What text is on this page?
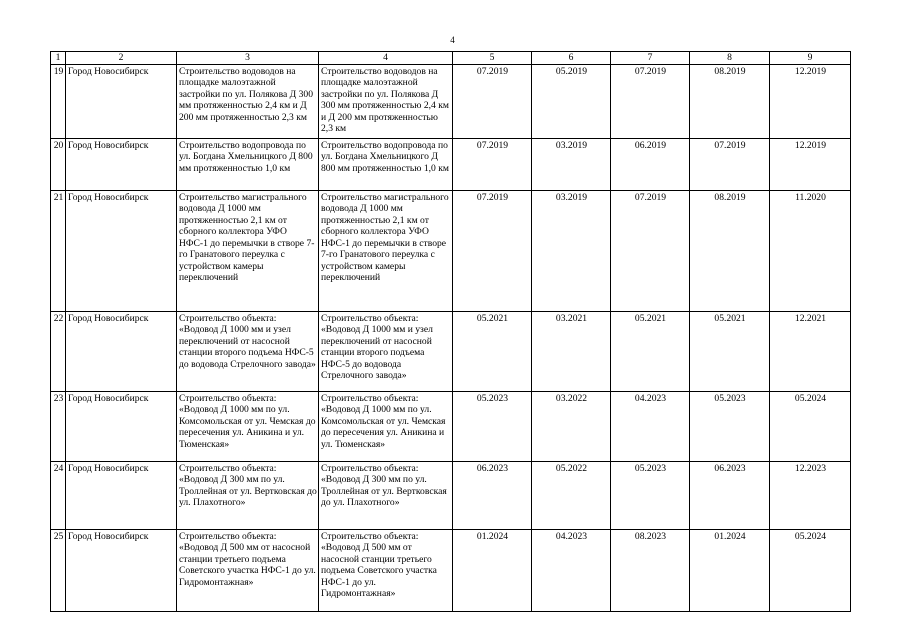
4
1	2	3	4	5	6	7	8	9
19	Город Новосибирск	Строительство водоводов на площадке малоэтажной застройки по ул. Полякова Д 300 мм протяженностью 2,4 км и Д 200 мм протяженностью 2,3 км	Строительство водоводов на площадке малоэтажной застройки по ул. Полякова Д 300 мм протяженностью 2,4 км и Д 200 мм протяженностью 2,3 км	07.2019	05.2019	07.2019	08.2019	12.2019
20	Город Новосибирск	Строительство водопровода по ул. Богдана Хмельницкого Д 800 мм протяженностью 1,0 км	Строительство водопровода по ул. Богдана Хмельницкого Д 800 мм протяженностью 1,0 км	07.2019	03.2019	06.2019	07.2019	12.2019
21	Город Новосибирск	Строительство магистрального водовода Д 1000 мм протяженностью 2,1 км от сборного коллектора УФО НФС-1 до перемычки в створе 7-го Гранатового переулка с устройством камеры переключений	Строительство магистрального водовода Д 1000 мм протяженностью 2,1 км от сборного коллектора УФО НФС-1 до перемычки в створе 7-го Гранатового переулка с устройством камеры переключений	07.2019	03.2019	07.2019	08.2019	11.2020
22	Город Новосибирск	Строительство объекта: «Водовод Д 1000 мм и узел переключений от насосной станции второго подъема НФС-5 до водовода Стрелочного завода»	Строительство объекта: «Водовод Д 1000 мм и узел переключений от насосной станции второго подъема НФС-5 до водовода Стрелочного завода»	05.2021	03.2021	05.2021	05.2021	12.2021
23	Город Новосибирск	Строительство объекта: «Водовод Д 1000 мм по ул. Комсомольская от ул. Чемская до пересечения ул. Аникина и ул. Тюменская»	Строительство объекта: «Водовод Д 1000 мм по ул. Комсомольская от ул. Чемская до пересечения ул. Аникина и ул. Тюменская»	05.2023	03.2022	04.2023	05.2023	05.2024
24	Город Новосибирск	Строительство объекта: «Водовод Д 300 мм по ул. Троллейная от ул. Вертковская до ул. Плахотного»	Строительство объекта: «Водовод Д 300 мм по ул. Троллейная от ул. Вертковская до ул. Плахотного»	06.2023	05.2022	05.2023	06.2023	12.2023
25	Город Новосибирск	Строительство объекта: «Водовод Д 500 мм от насосной станции третьего подъема Советского участка НФС-1 до ул. Гидромонтажная»	Строительство объекта: «Водовод Д 500 мм от насосной станции третьего подъема Советского участка НФС-1 до ул. Гидромонтажная»	01.2024	04.2023	08.2023	01.2024	05.2024
